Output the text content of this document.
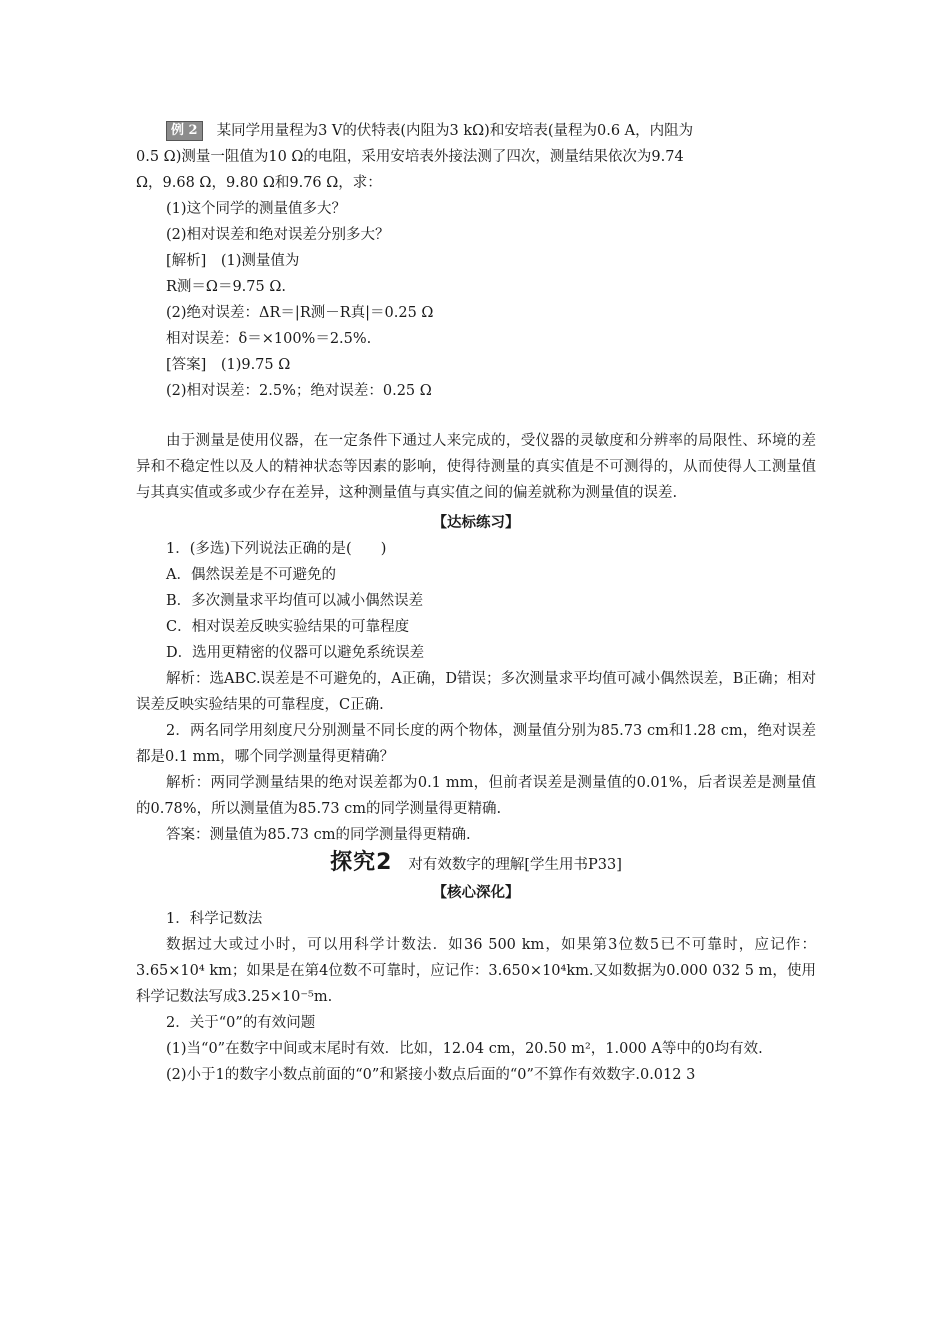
例 2 某同学用量程为3 V的伏特表(内阻为3 kΩ)和安培表(量程为0.6 A，内阻为
0.5 Ω)测量一阻值为10 Ω的电阻，采用安培表外接法测了四次，测量结果依次为9.74
Ω，9.68 Ω，9.80 Ω和9.76 Ω，求：
(1)这个同学的测量值多大？
(2)相对误差和绝对误差分别多大？
[解析]　(1)测量值为
R测＝Ω＝9.75 Ω.
(2)绝对误差：ΔR＝|R测－R真|＝0.25 Ω
相对误差：δ＝×100%＝2.5%.
[答案]　(1)9.75 Ω
(2)相对误差：2.5%；绝对误差：0.25 Ω
由于测量是使用仪器，在一定条件下通过人来完成的，受仪器的灵敏度和分辨率的局限性、环境的差异和不稳定性以及人的精神状态等因素的影响，使得待测量的真实值是不可测得的，从而使得人工测量值与其真实值或多或少存在差异，这种测量值与真实值之间的偏差就称为测量值的误差.
【达标练习】
1．(多选)下列说法正确的是(　　)
A．偶然误差是不可避免的
B．多次测量求平均值可以减小偶然误差
C．相对误差反映实验结果的可靠程度
D．选用更精密的仪器可以避免系统误差
解析：选ABC.误差是不可避免的，A正确，D错误；多次测量求平均值可减小偶然误差，B正确；相对误差反映实验结果的可靠程度，C正确.
2．两名同学用刻度尺分别测量不同长度的两个物体，测量值分别为85.73 cm和1.28 cm，绝对误差都是0.1 mm，哪个同学测量得更精确？
解析：两同学测量结果的绝对误差都为0.1 mm，但前者误差是测量值的0.01%，后者误差是测量值的0.78%，所以测量值为85.73 cm的同学测量得更精确.
答案：测量值为85.73 cm的同学测量得更精确.
探究2 对有效数字的理解[学生用书P33]
【核心深化】
1．科学记数法
数据过大或过小时，可以用科学计数法．如36 500 km，如果第3位数5已不可靠时，应记作：3.65×10⁴ km；如果是在第4位数不可靠时，应记作：3.650×10⁴km.又如数据为0.000 032 5 m，使用科学记数法写成3.25×10⁻⁵m.
2．关于“0”的有效问题
(1)当“0”在数字中间或末尾时有效．比如，12.04 cm，20.50 m²，1.000 A等中的0均有效.
(2)小于1的数字小数点前面的“0”和紧接小数点后面的“0”不算作有效数字.0.012 3
